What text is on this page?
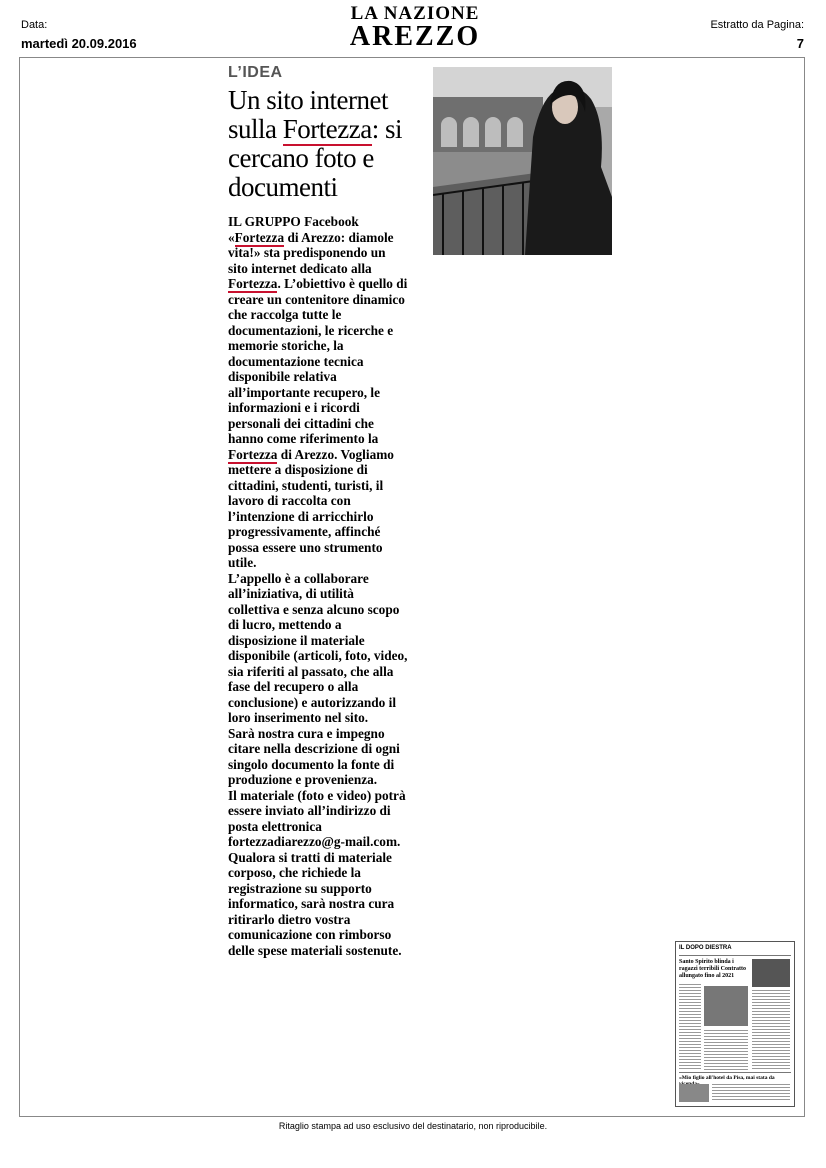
Data:
martedì 20.09.2016
LA NAZIONE
AREZZO	Estratto da Pagina:
7
L’IDEA
Un sito internet sulla Fortezza: si cercano foto e documenti

IL GRUPPO Facebook «Fortezza di Arezzo: diamole vita!» sta predisponendo un sito internet dedicato alla Fortezza. L’obiettivo è quello di creare un contenitore dinamico che raccolga tutte le documentazioni, le ricerche e memorie storiche, la documentazione tecnica disponibile relativa all’importante recupero, le informazioni e i ricordi personali dei cittadini che hanno come riferimento la Fortezza di Arezzo. Vogliamo mettere a disposizione di cittadini, studenti, turisti, il lavoro di raccolta con l’intenzione di arricchirlo progressivamente, affinché possa essere uno strumento utile.

L’appello è a collaborare all’iniziativa, di utilità collettiva e senza alcuno scopo di lucro, mettendo a disposizione il materiale disponibile (articoli, foto, video, sia riferiti al passato, che alla fase del recupero o alla conclusione) e autorizzando il loro inserimento nel sito.

Sarà nostra cura e impegno citare nella descrizione di ogni singolo documento la fonte di produzione e provenienza.

Il materiale (foto e video) potrà essere inviato all’indirizzo di posta elettronica fortezzadiarezzo@g-mail.com. Qualora si tratti di materiale corposo, che richiede la registrazione su supporto informatico, sarà nostra cura ritirarlo dietro vostra comunicazione con rimborso delle spese materiali sostenute.	IL DOPO DIESTRA
Santo Spirito blinda i ragazzi terribili Contratto allungato fino al 2021
«Mio figlio all'hotel da Pisa, mai stata da
Ritaglio stampa ad uso esclusivo del destinatario, non riproducibile.
